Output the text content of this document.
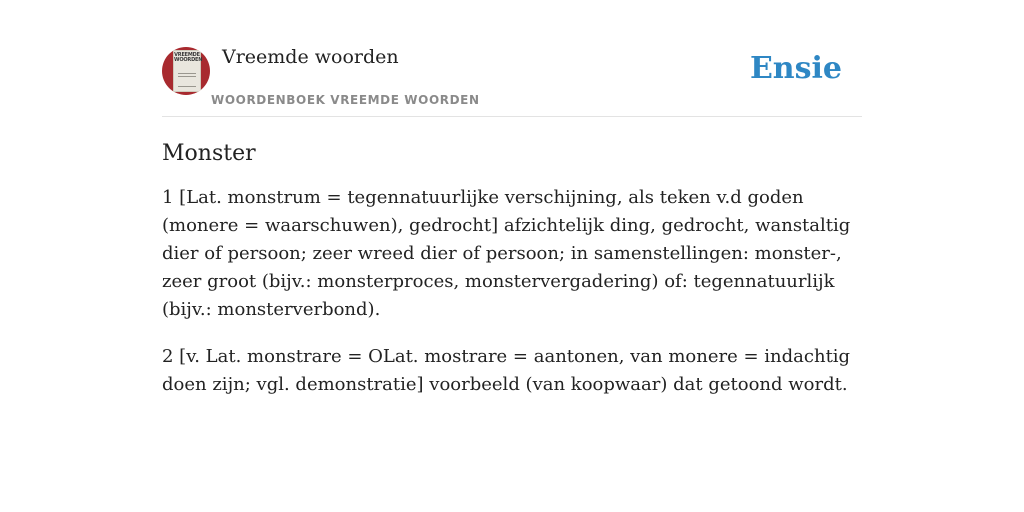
VREEMDE WOORDEN Vreemde woorden
WOORDENBOEK VREEMDE WOORDEN
Ensie
Monster

1 [Lat. monstrum = tegennatuurlijke verschijning, als teken v.d goden (monere = waarschuwen), gedrocht] afzichtelijk ding, gedrocht, wanstaltig dier of persoon; zeer wreed dier of persoon; in samenstellingen: monster-, zeer groot (bijv.: monsterproces, monstervergadering) of: tegennatuurlijk (bijv.: monsterverbond).

2 [v. Lat. monstrare = OLat. mostrare = aantonen, van monere = indachtig doen zijn; vgl. demonstratie] voorbeeld (van koopwaar) dat getoond wordt.
